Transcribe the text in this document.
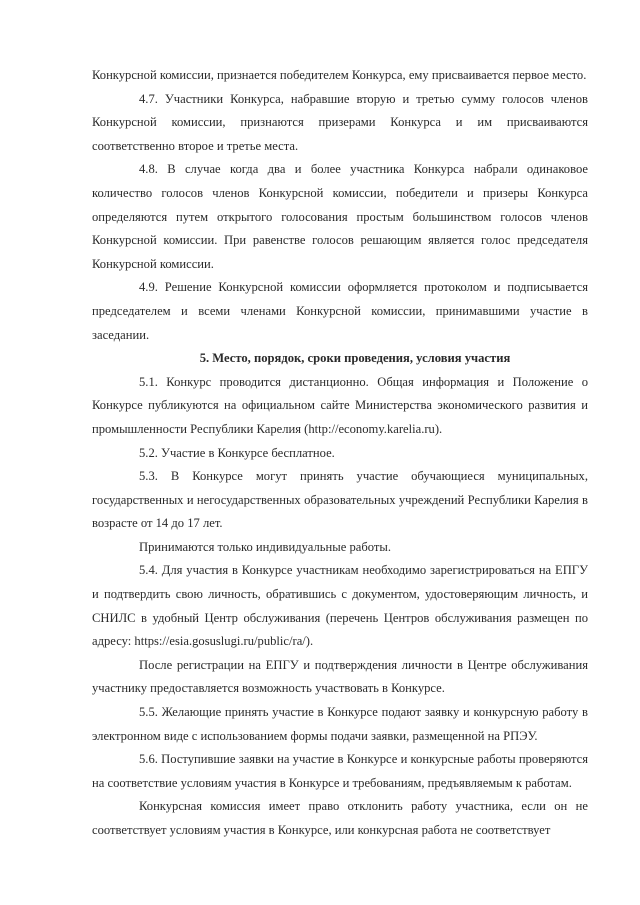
Конкурсной комиссии, признается победителем Конкурса, ему присваивается первое место.

4.7. Участники Конкурса, набравшие вторую и третью сумму голосов членов Конкурсной комиссии, признаются призерами Конкурса и им присваиваются соответственно второе и третье места.

4.8. В случае когда два и более участника Конкурса набрали одинаковое количество голосов членов Конкурсной комиссии, победители и призеры Конкурса определяются путем открытого голосования простым большинством голосов членов Конкурсной комиссии. При равенстве голосов решающим является голос председателя Конкурсной комиссии.

4.9. Решение Конкурсной комиссии оформляется протоколом и подписывается председателем и всеми членами Конкурсной комиссии, принимавшими участие в заседании.

5. Место, порядок, сроки проведения, условия участия

5.1. Конкурс проводится дистанционно. Общая информация и Положение о Конкурсе публикуются на официальном сайте Министерства экономического развития и промышленности Республики Карелия (http://economy.karelia.ru).

5.2. Участие в Конкурсе бесплатное.

5.3. В Конкурсе могут принять участие обучающиеся муниципальных, государственных и негосударственных образовательных учреждений Республики Карелия в возрасте от 14 до 17 лет.

Принимаются только индивидуальные работы.

5.4. Для участия в Конкурсе участникам необходимо зарегистрироваться на ЕПГУ и подтвердить свою личность, обратившись с документом, удостоверяющим личность, и СНИЛС в удобный Центр обслуживания (перечень Центров обслуживания размещен по адресу: https://esia.gosuslugi.ru/public/ra/).

После регистрации на ЕПГУ и подтверждения личности в Центре обслуживания участнику предоставляется возможность участвовать в Конкурсе.

5.5. Желающие принять участие в Конкурсе подают заявку и конкурсную работу в электронном виде с использованием формы подачи заявки, размещенной на РПЭУ.

5.6. Поступившие заявки на участие в Конкурсе и конкурсные работы проверяются на соответствие условиям участия в Конкурсе и требованиям, предъявляемым к работам.

Конкурсная комиссия имеет право отклонить работу участника, если он не соответствует условиям участия в Конкурсе, или конкурсная работа не соответствует
